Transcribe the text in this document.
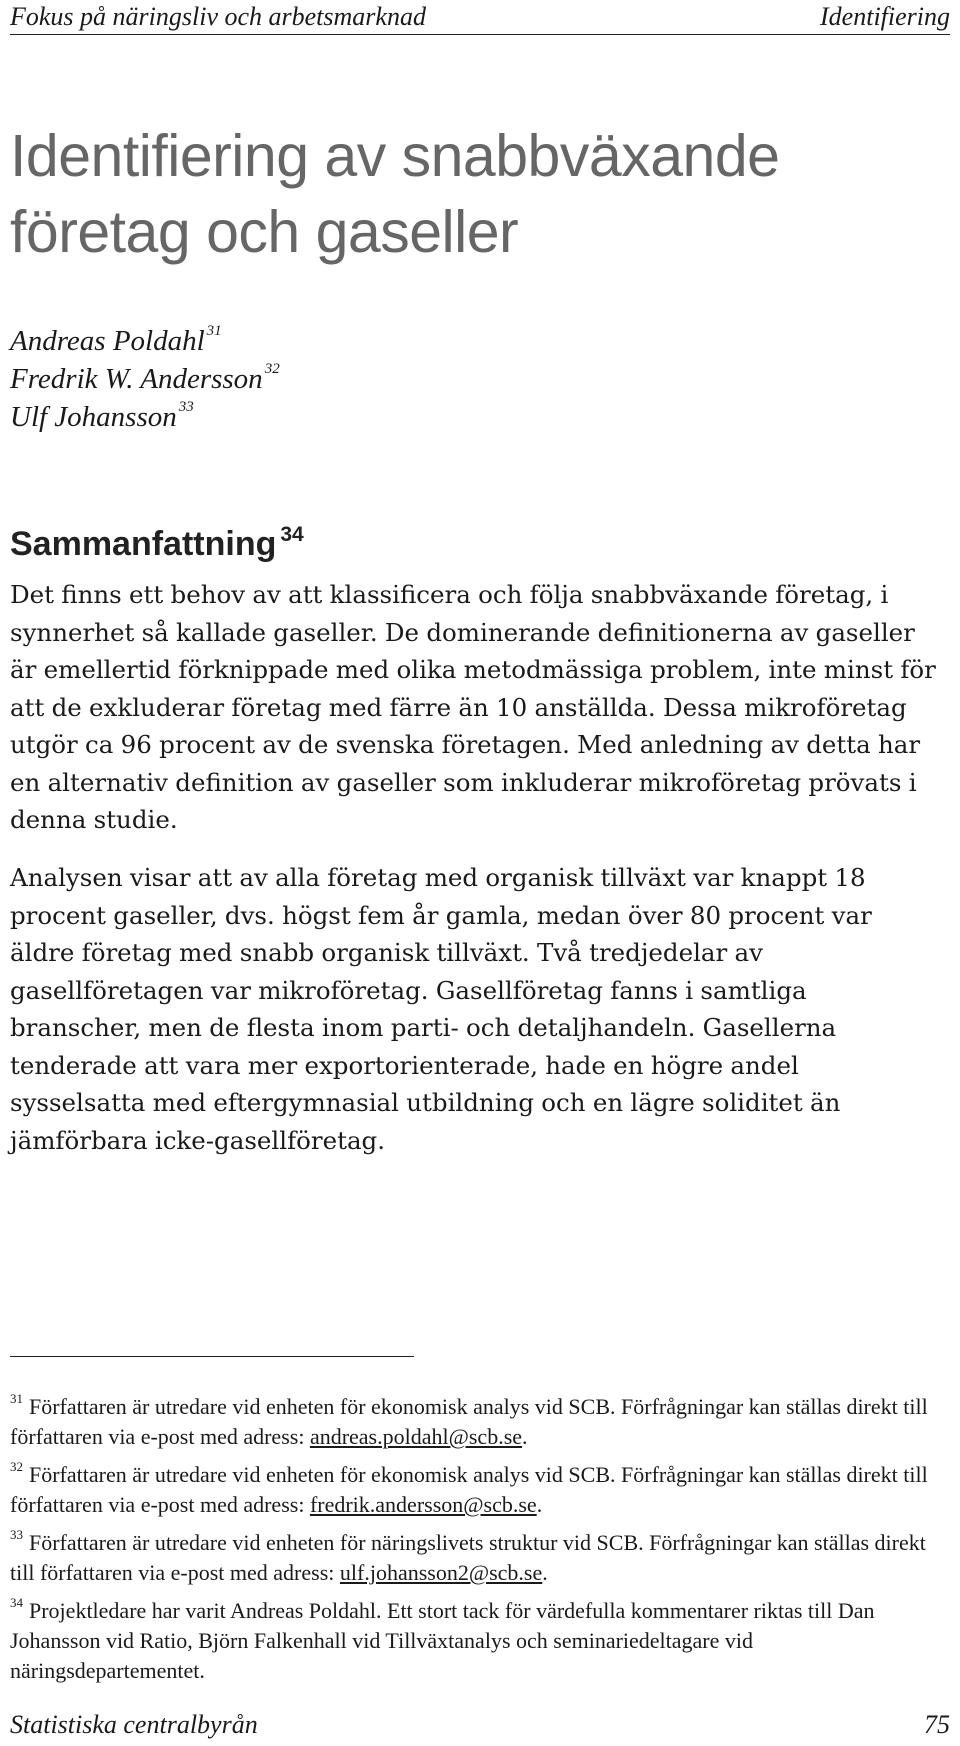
Fokus på näringsliv och arbetsmarknad	Identifiering
Identifiering av snabbväxande
företag och gaseller
Andreas Poldahl $^{31}$
Fredrik W. Andersson $^{32}$
Ulf Johansson $^{33}$
Sammanfattning $^{34}$

Det finns ett behov av att klassificera och följa snabbväxande företag, i synnerhet så kallade gaseller. De dominerande definitionerna av gaseller är emellertid förknippade med olika metodmässiga problem, inte minst för att de exkluderar företag med färre än 10 anställda. Dessa mikroföretag utgör ca 96 procent av de svenska företagen. Med anledning av detta har en alternativ definition av gaseller som inkluderar mikroföretag prövats i denna studie.

Analysen visar att av alla företag med organisk tillväxt var knappt 18 procent gaseller, dvs. högst fem år gamla, medan över 80 procent var äldre företag med snabb organisk tillväxt. Två tredjedelar av gasellföretagen var mikroföretag. Gasellföretag fanns i samtliga branscher, men de flesta inom parti- och detaljhandeln. Gasellerna tenderade att vara mer exportorienterade, hade en högre andel sysselsatta med eftergymnasial utbildning och en lägre soliditet än jämförbara icke-gasellföretag.

$^{31}$ Författaren är utredare vid enheten för ekonomisk analys vid SCB. Förfrågningar kan ställas direkt till författaren via e-post med adress: andreas.poldahl@scb.se.

$^{32}$ Författaren är utredare vid enheten för ekonomisk analys vid SCB. Förfrågningar kan ställas direkt till författaren via e-post med adress: fredrik.andersson@scb.se.

$^{33}$ Författaren är utredare vid enheten för näringslivets struktur vid SCB. Förfrågningar kan ställas direkt till författaren via e-post med adress: ulf.johansson2@scb.se.

$^{34}$ Projektledare har varit Andreas Poldahl. Ett stort tack för värdefulla kommentarer riktas till Dan Johansson vid Ratio, Björn Falkenhall vid Tillväxtanalys och seminariedeltagare vid näringsdepartementet.

Statistiska centralbyrån	75
